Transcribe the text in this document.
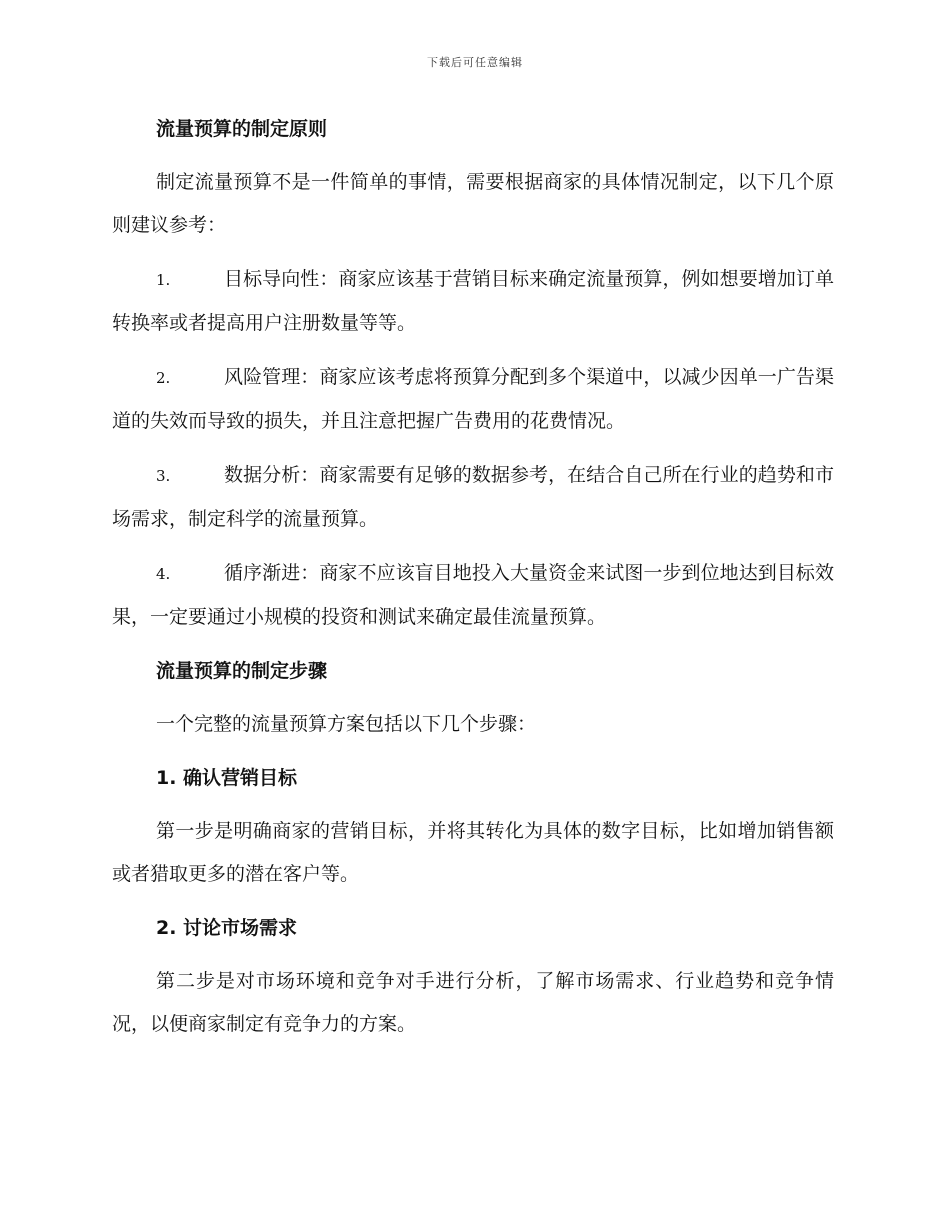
下载后可任意编辑
流量预算的制定原则

制定流量预算不是一件简单的事情，需要根据商家的具体情况制定，以下几个原则建议参考：

1.	目标导向性：商家应该基于营销目标来确定流量预算，例如想要增加订单转换率或者提高用户注册数量等等。

2.	风险管理：商家应该考虑将预算分配到多个渠道中，以减少因单一广告渠道的失效而导致的损失，并且注意把握广告费用的花费情况。

3.	数据分析：商家需要有足够的数据参考，在结合自己所在行业的趋势和市场需求，制定科学的流量预算。

4.	循序渐进：商家不应该盲目地投入大量资金来试图一步到位地达到目标效果，一定要通过小规模的投资和测试来确定最佳流量预算。

流量预算的制定步骤

一个完整的流量预算方案包括以下几个步骤：

1. 确认营销目标

第一步是明确商家的营销目标，并将其转化为具体的数字目标，比如增加销售额或者猎取更多的潜在客户等。

2. 讨论市场需求

第二步是对市场环境和竞争对手进行分析，了解市场需求、行业趋势和竞争情况，以便商家制定有竞争力的方案。
